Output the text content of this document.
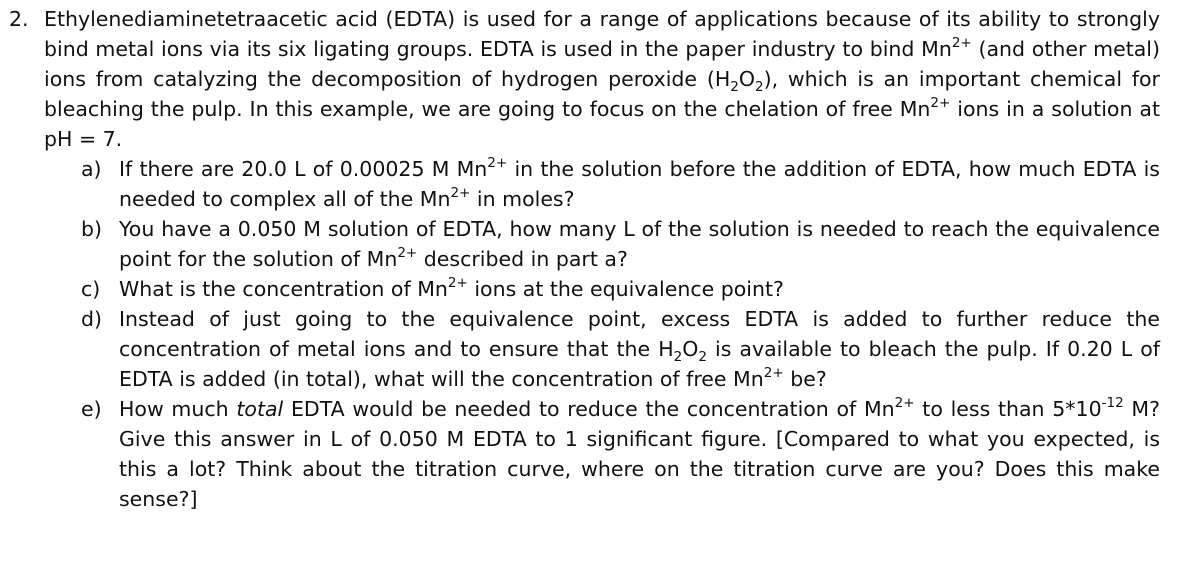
2. Ethylenediaminetetraacetic acid (EDTA) is used for a range of applications because of its ability to strongly bind metal ions via its six ligating groups. EDTA is used in the paper industry to bind $Mn^{2+}$ (and other metal) ions from catalyzing the decomposition of hydrogen peroxide $(H_2O_2)$, which is an important chemical for bleaching the pulp. In this example, we are going to focus on the chelation of free $Mn^{2+}$ ions in a solution at pH = 7.

a) If there are 20.0 L of 0.00025 M $Mn^{2+}$ in the solution before the addition of EDTA, how much EDTA is needed to complex all of the $Mn^{2+}$ in moles?
b) You have a 0.050 M solution of EDTA, how many L of the solution is needed to reach the equivalence point for the solution of $Mn^{2+}$ described in part a?
c) What is the concentration of $Mn^{2+}$ ions at the equivalence point?
d) Instead of just going to the equivalence point, excess EDTA is added to further reduce the concentration of metal ions and to ensure that the $H_2O_2$ is available to bleach the pulp. If 0.20 L of EDTA is added (in total), what will the concentration of free $Mn^{2+}$ be?
e) How much total EDTA would be needed to reduce the concentration of $Mn^{2+}$ to less than $5*10^{-12}$ M? Give this answer in L of 0.050 M EDTA to 1 significant figure. [Compared to what you expected, is this a lot? Think about the titration curve, where on the titration curve are you? Does this make sense?]
